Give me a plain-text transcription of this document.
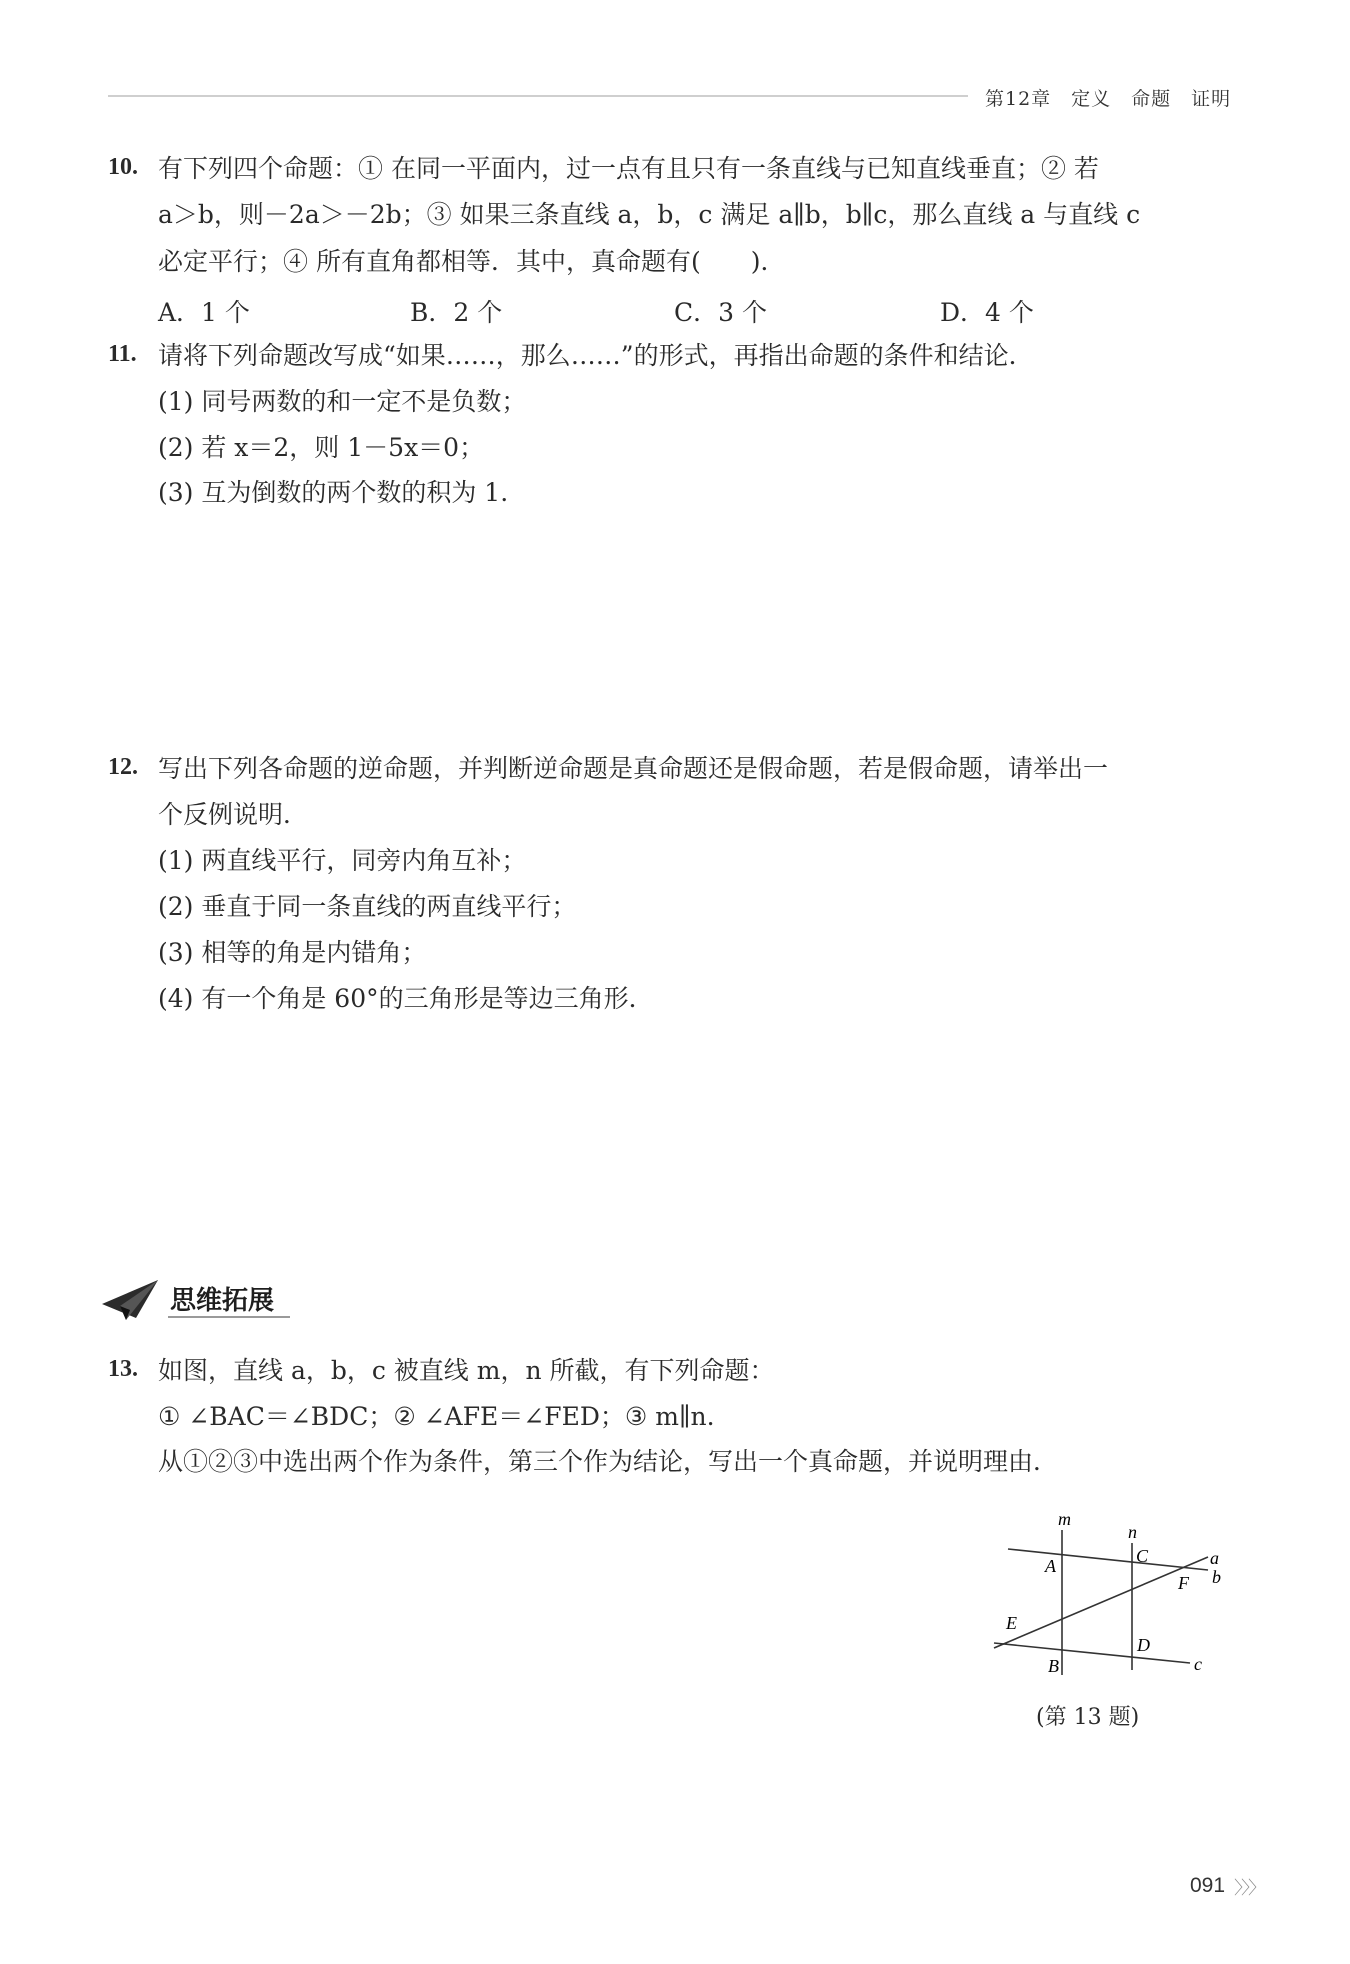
第12章　定义　命题　证明
10. 有下列四个命题：① 在同一平面内，过一点有且只有一条直线与已知直线垂直；② 若
a＞b，则－2a＞－2b；③ 如果三条直线 a，b，c 满足 a∥b，b∥c，那么直线 a 与直线 c
必定平行；④ 所有直角都相等．其中，真命题有(　　)．
A．1 个	B．2 个	C．3 个	D．4 个
11. 请将下列命题改写成“如果……，那么……”的形式，再指出命题的条件和结论．
(1) 同号两数的和一定不是负数；
(2) 若 x＝2，则 1－5x＝0；
(3) 互为倒数的两个数的积为 1.
12. 写出下列各命题的逆命题，并判断逆命题是真命题还是假命题，若是假命题，请举出一
个反例说明．
(1) 两直线平行，同旁内角互补；
(2) 垂直于同一条直线的两直线平行；
(3) 相等的角是内错角；
(4) 有一个角是 60°的三角形是等边三角形．
思维拓展
13. 如图，直线 a，b，c 被直线 m，n 所截，有下列命题：
① ∠BAC＝∠BDC；② ∠AFE＝∠FED；③ m∥n.
从①②③中选出两个作为条件，第三个作为结论，写出一个真命题，并说明理由．
m
n
a
b
c
A	C
F
E
D
B
(第 13 题)
091 〉〉〉
